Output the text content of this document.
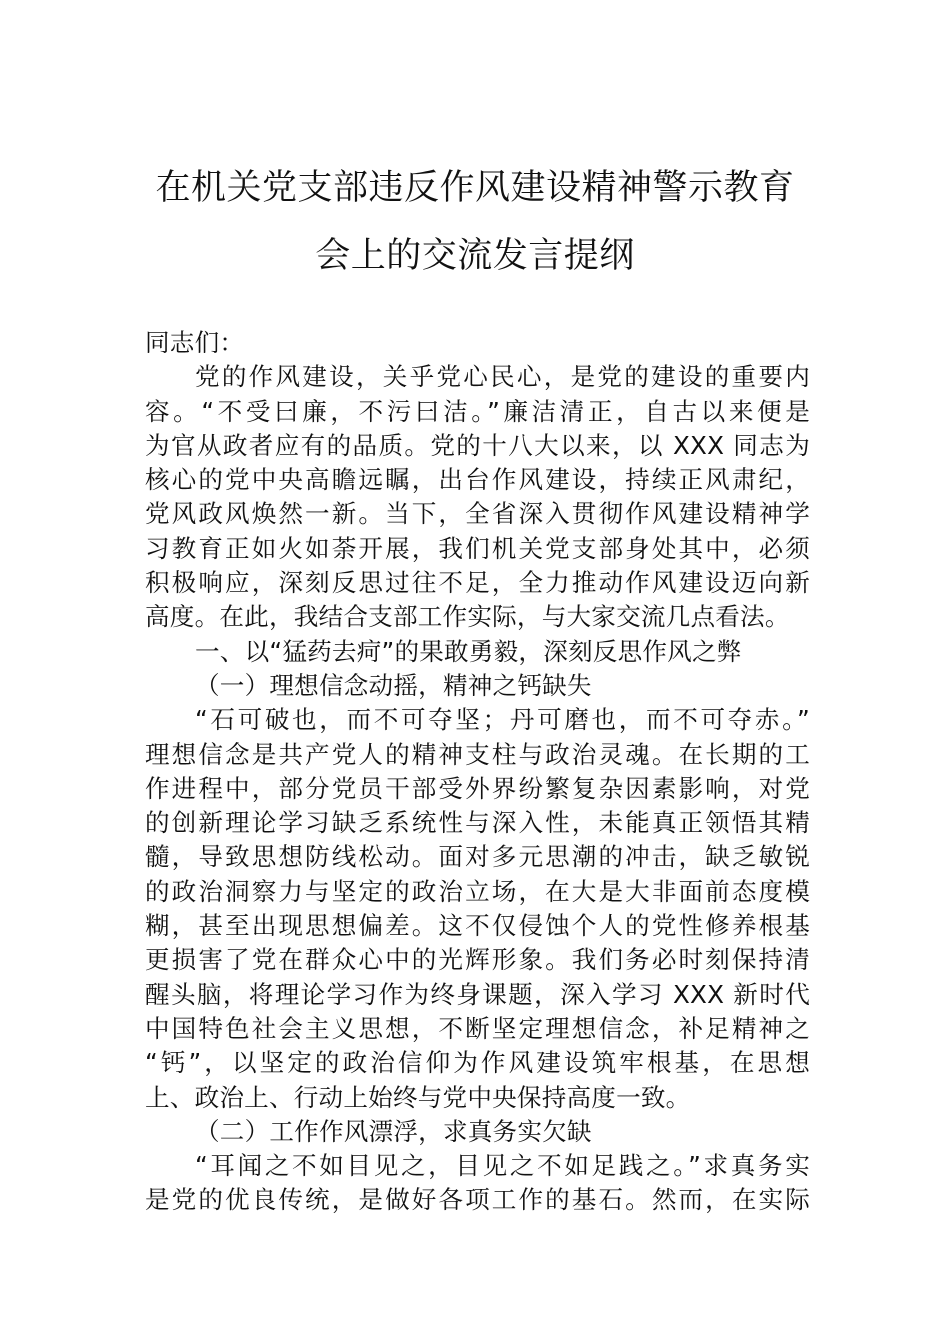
在机关党支部违反作风建设精神警示教育
会上的交流发言提纲
同志们：
党的作风建设，关乎党心民心，是党的建设的重要内
容。“不受曰廉，不污曰洁。”廉洁清正，自古以来便是
为官从政者应有的品质。党的十八大以来，以 XXX 同志为
核心的党中央高瞻远瞩，出台作风建设，持续正风肃纪，
党风政风焕然一新。当下，全省深入贯彻作风建设精神学
习教育正如火如荼开展，我们机关党支部身处其中，必须
积极响应，深刻反思过往不足，全力推动作风建设迈向新
高度。在此，我结合支部工作实际，与大家交流几点看法。
一、以“猛药去疴”的果敢勇毅，深刻反思作风之弊
（一）理想信念动摇，精神之钙缺失
“石可破也，而不可夺坚；丹可磨也，而不可夺赤。”
理想信念是共产党人的精神支柱与政治灵魂。在长期的工
作进程中，部分党员干部受外界纷繁复杂因素影响，对党
的创新理论学习缺乏系统性与深入性，未能真正领悟其精
髓，导致思想防线松动。面对多元思潮的冲击，缺乏敏锐
的政治洞察力与坚定的政治立场，在大是大非面前态度模
糊，甚至出现思想偏差。这不仅侵蚀个人的党性修养根基
更损害了党在群众心中的光辉形象。我们务必时刻保持清
醒头脑，将理论学习作为终身课题，深入学习 XXX 新时代
中国特色社会主义思想，不断坚定理想信念，补足精神之
“钙”，以坚定的政治信仰为作风建设筑牢根基，在思想
上、政治上、行动上始终与党中央保持高度一致。
（二）工作作风漂浮，求真务实欠缺
“耳闻之不如目见之，目见之不如足践之。”求真务实
是党的优良传统，是做好各项工作的基石。然而，在实际
